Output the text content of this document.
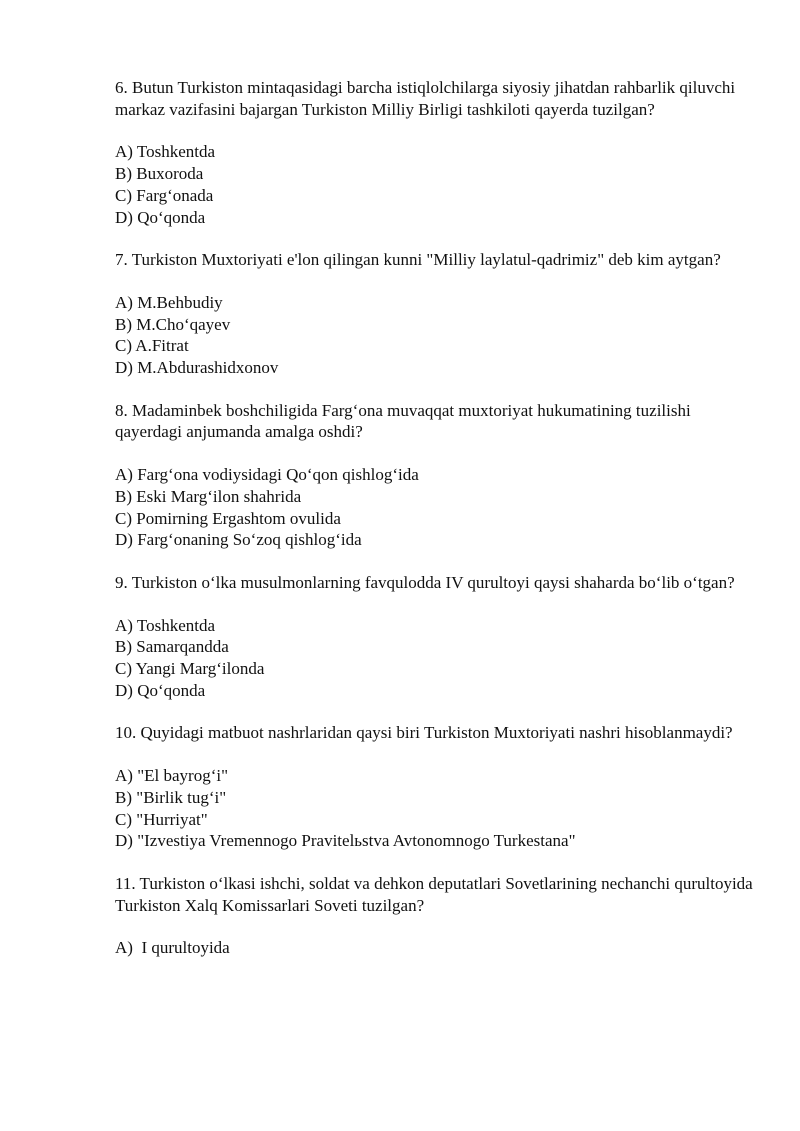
6. Butun Turkiston mintaqasidagi barcha istiqlolchilarga siyosiy jihatdan rahbarlik qiluvchi markaz vazifasini bajargan Turkiston Milliy Birligi tashkiloti qayerda tuzilgan?

A) Toshkentda
B) Buxoroda
C) Farg‘onada
D) Qo‘qonda

7. Turkiston Muxtoriyati e'lon qilingan kunni "Milliy laylatul-qadrimiz" deb kim aytgan?

A) M.Behbudiy
B) M.Cho‘qayev
C) A.Fitrat
D) M.Abdurashidxonov

8. Madaminbek boshchiligida Farg‘ona muvaqqat muxtoriyat hukumatining tuzilishi qayerdagi anjumanda amalga oshdi?

A) Farg‘ona vodiysidagi Qo‘qon qishlog‘ida
B) Eski Marg‘ilon shahrida
C) Pomirning Ergashtom ovulida
D) Farg‘onaning So‘zoq qishlog‘ida

9. Turkiston o‘lka musulmonlarning favqulodda IV qurultoyi qaysi shaharda bo‘lib o‘tgan?

A) Toshkentda
B) Samarqandda
C) Yangi Marg‘ilonda
D) Qo‘qonda

10. Quyidagi matbuot nashrlaridan qaysi biri Turkiston Muxtoriyati nashri hisoblanmaydi?

A) "El bayrog‘i"
B) "Birlik tug‘i"
C) "Hurriyat"
D) "Izvestiya Vremennogo Pravitelьstva Avtonomnogo Turkestana"

11. Turkiston o‘lkasi ishchi, soldat va dehkon deputatlari Sovetlarining nechanchi qurultoyida Turkiston Xalq Komissarlari Soveti tuzilgan?

A)  I qurultoyida
